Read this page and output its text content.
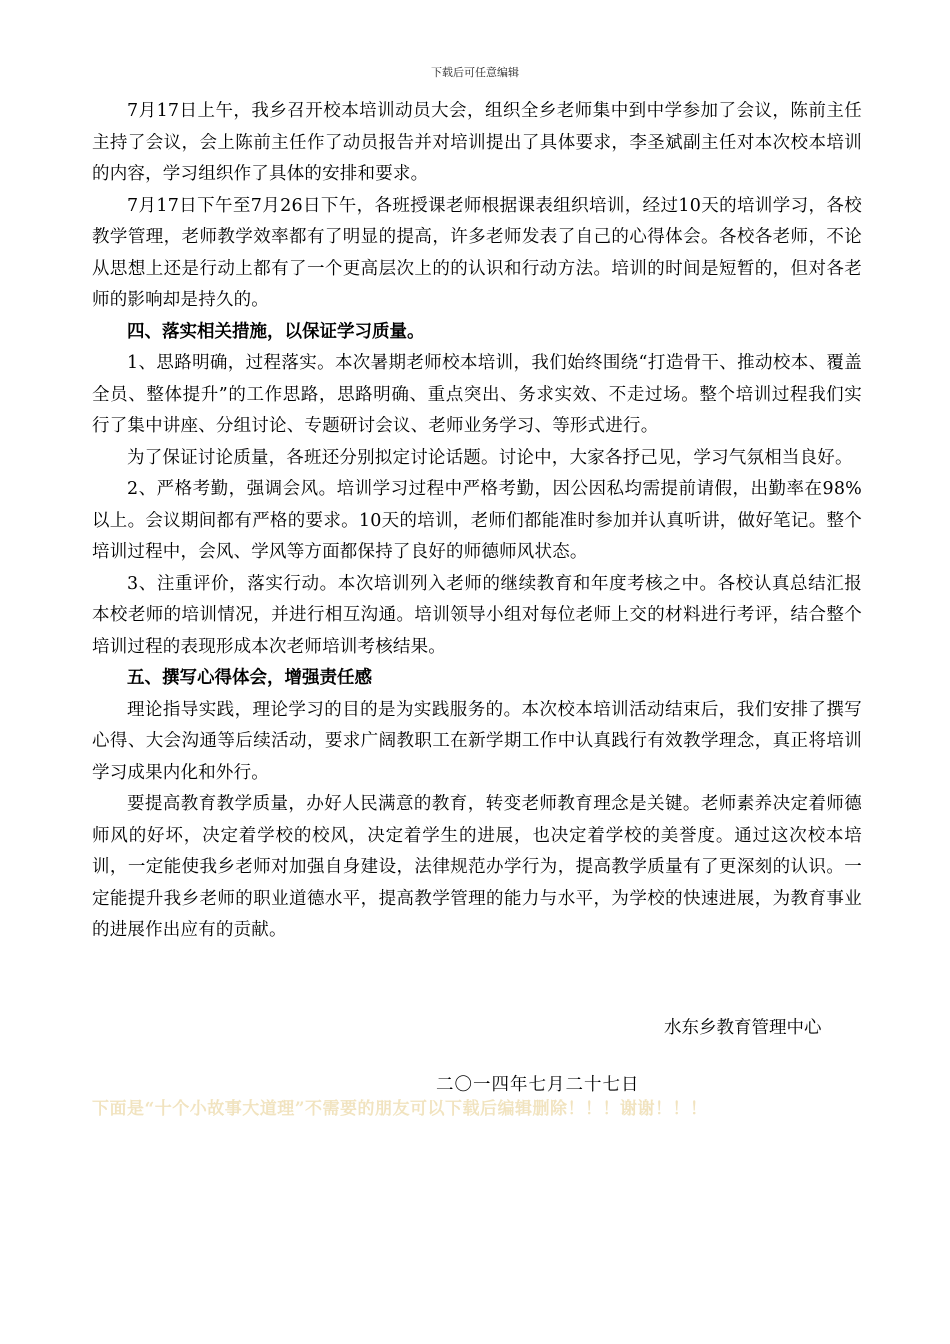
下载后可任意编辑

7月17日上午，我乡召开校本培训动员大会，组织全乡老师集中到中学参加了会议，陈前主任主持了会议，会上陈前主任作了动员报告并对培训提出了具体要求，李圣斌副主任对本次校本培训的内容，学习组织作了具体的安排和要求。

7月17日下午至7月26日下午，各班授课老师根据课表组织培训，经过10天的培训学习，各校教学管理，老师教学效率都有了明显的提高，许多老师发表了自己的心得体会。各校各老师，不论从思想上还是行动上都有了一个更高层次上的的认识和行动方法。培训的时间是短暂的，但对各老师的影响却是持久的。

四、落实相关措施，以保证学习质量。

1、思路明确，过程落实。本次暑期老师校本培训，我们始终围绕“打造骨干、推动校本、覆盖全员、整体提升”的工作思路，思路明确、重点突出、务求实效、不走过场。整个培训过程我们实行了集中讲座、分组讨论、专题研讨会议、老师业务学习、等形式进行。

为了保证讨论质量，各班还分别拟定讨论话题。讨论中，大家各抒己见，学习气氛相当良好。

2、严格考勤，强调会风。培训学习过程中严格考勤，因公因私均需提前请假，出勤率在98%以上。会议期间都有严格的要求。10天的培训，老师们都能准时参加并认真听讲，做好笔记。整个培训过程中，会风、学风等方面都保持了良好的师德师风状态。

3、注重评价，落实行动。本次培训列入老师的继续教育和年度考核之中。各校认真总结汇报本校老师的培训情况，并进行相互沟通。培训领导小组对每位老师上交的材料进行考评，结合整个培训过程的表现形成本次老师培训考核结果。

五、撰写心得体会，增强责任感

理论指导实践，理论学习的目的是为实践服务的。本次校本培训活动结束后，我们安排了撰写心得、大会沟通等后续活动，要求广阔教职工在新学期工作中认真践行有效教学理念，真正将培训学习成果内化和外行。

要提高教育教学质量，办好人民满意的教育，转变老师教育理念是关键。老师素养决定着师德师风的好坏，决定着学校的校风，决定着学生的进展，也决定着学校的美誉度。通过这次校本培训，一定能使我乡老师对加强自身建设，法律规范办学行为，提高教学质量有了更深刻的认识。一定能提升我乡老师的职业道德水平，提高教学管理的能力与水平，为学校的快速进展，为教育事业的进展作出应有的贡献。

水东乡教育管理中心
二〇一四年七月二十七日
下面是“十个小故事大道理”不需要的朋友可以下载后编辑删除！！！谢谢！！！
